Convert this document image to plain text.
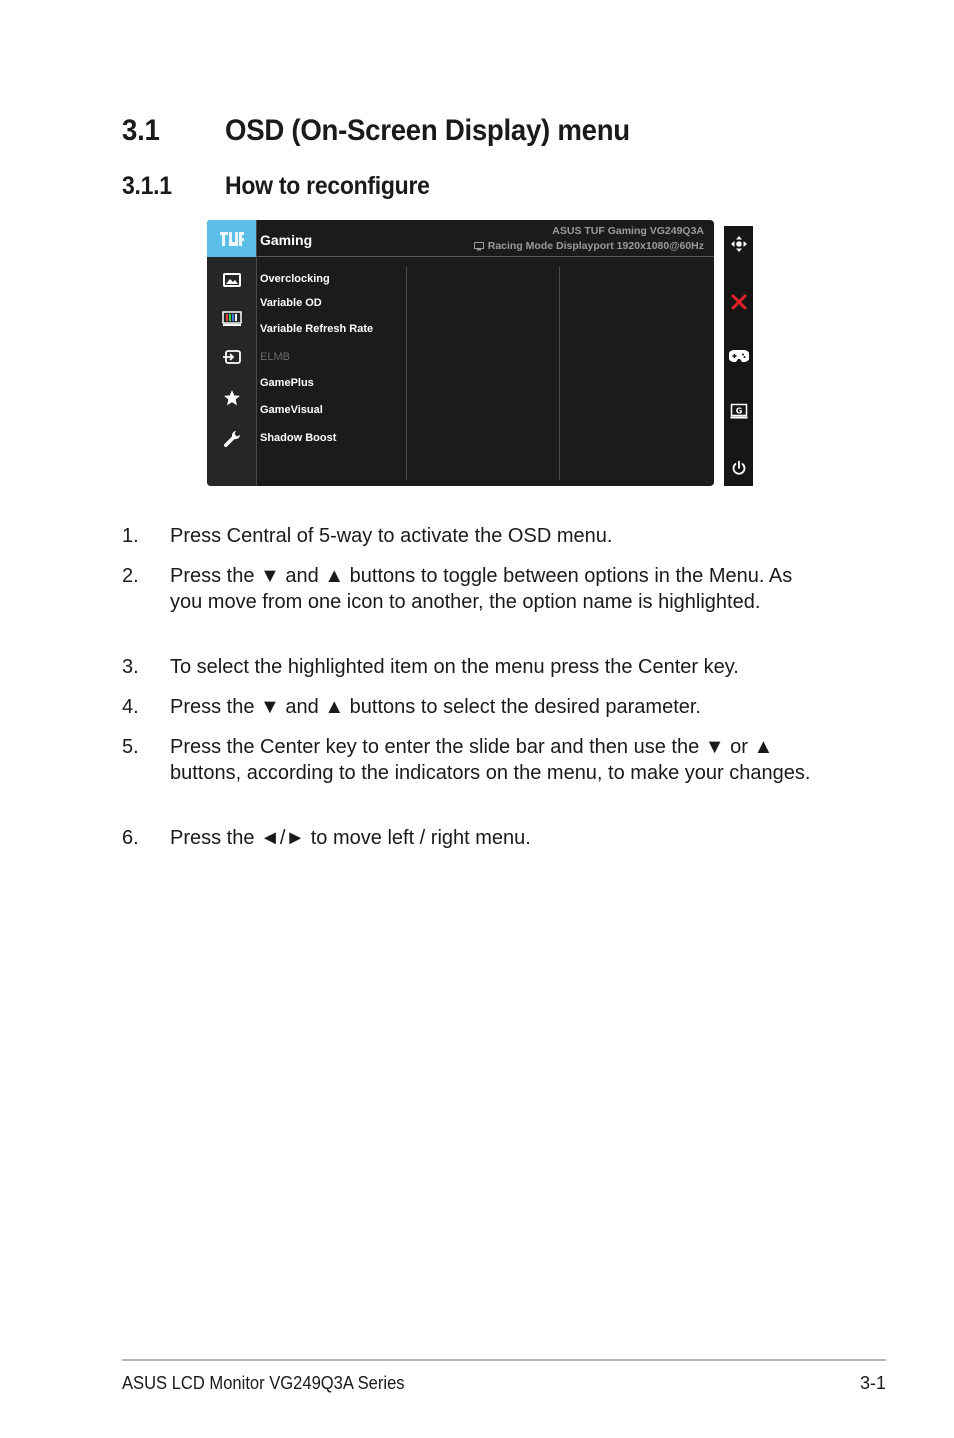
3.1 OSD (On-Screen Display) menu
3.1.1 How to reconfigure
Gaming
ASUS TUF Gaming VG249Q3A
Racing Mode Displayport 1920x1080@60Hz
Overclocking
Variable OD
Variable Refresh Rate
ELMB
GamePlus
GameVisual
Shadow Boost
G
1. Press Central of 5-way to activate the OSD menu.
2. Press the ▼ and ▲ buttons to toggle between options in the Menu. As you move from one icon to another, the option name is highlighted.
3. To select the highlighted item on the menu press the Center key.
4. Press the ▼ and ▲ buttons to select the desired parameter.
5. Press the Center key to enter the slide bar and then use the ▼ or ▲ buttons, according to the indicators on the menu, to make your changes.
6. Press the ◄/► to move left / right menu.
ASUS LCD Monitor VG249Q3A Series	3-1
